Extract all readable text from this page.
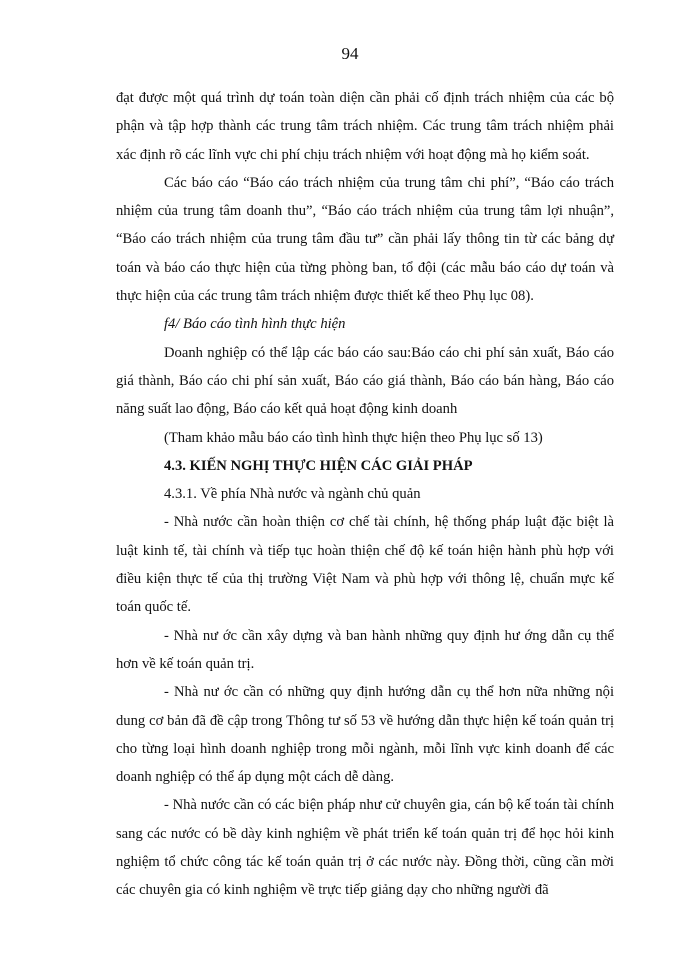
94

đạt được một quá trình dự toán toàn diện cần phải cố định trách nhiệm của các bộ phận và tập hợp thành các trung tâm trách nhiệm. Các trung tâm trách nhiệm phải xác định rõ các lĩnh vực chi phí chịu trách nhiệm với hoạt động mà họ kiểm soát.

Các báo cáo “Báo cáo trách nhiệm của trung tâm chi phí”, “Báo cáo trách nhiệm của trung tâm doanh thu”, “Báo cáo trách nhiệm của trung tâm lợi nhuận”, “Báo cáo trách nhiệm của trung tâm đầu tư” cần phải lấy thông tin từ các bảng dự toán và báo cáo thực hiện của từng phòng ban, tổ đội (các mẫu báo cáo dự toán và thực hiện của các trung tâm trách nhiệm được thiết kế theo Phụ lục 08).

f4/ Báo cáo tình hình thực hiện

Doanh nghiệp có thể lập các báo cáo sau:Báo cáo chi phí sản xuất, Báo cáo giá thành, Báo cáo chi phí sản xuất, Báo cáo giá thành, Báo cáo bán hàng, Báo cáo năng suất lao động, Báo cáo kết quả hoạt động kinh doanh

(Tham khảo mẫu báo cáo tình hình thực hiện theo Phụ lục số 13)

4.3. KIẾN NGHỊ THỰC HIỆN CÁC GIẢI PHÁP

4.3.1. Về phía Nhà nước và ngành chủ quản

- Nhà nước cần hoàn thiện cơ chế tài chính, hệ thống pháp luật đặc biệt là luật kinh tế, tài chính và tiếp tục hoàn thiện chế độ kế toán hiện hành phù hợp với điều kiện thực tế của thị trường Việt Nam và phù hợp với thông lệ, chuẩn mực kế toán quốc tế.

- Nhà nư ớc cần xây dựng và ban hành những quy định hư ớng dẫn cụ thể hơn về kế toán quản trị.

- Nhà nư ớc cần có những quy định hướng dẫn cụ thể hơn nữa những nội dung cơ bản đã đề cập trong Thông tư số 53 về hướng dẫn thực hiện kế toán quản trị cho từng loại hình doanh nghiệp trong mỗi ngành, mỗi lĩnh vực kinh doanh để các doanh nghiệp có thể áp dụng một cách dễ dàng.

- Nhà nước cần có các biện pháp như cử chuyên gia, cán bộ kế toán tài chính sang các nước có bề dày kinh nghiệm về phát triển kế toán quản trị để học hỏi kinh nghiệm tổ chức công tác kế toán quản trị ở các nước này. Đồng thời, cũng cần mời các chuyên gia có kinh nghiệm về trực tiếp giảng dạy cho những người đã
